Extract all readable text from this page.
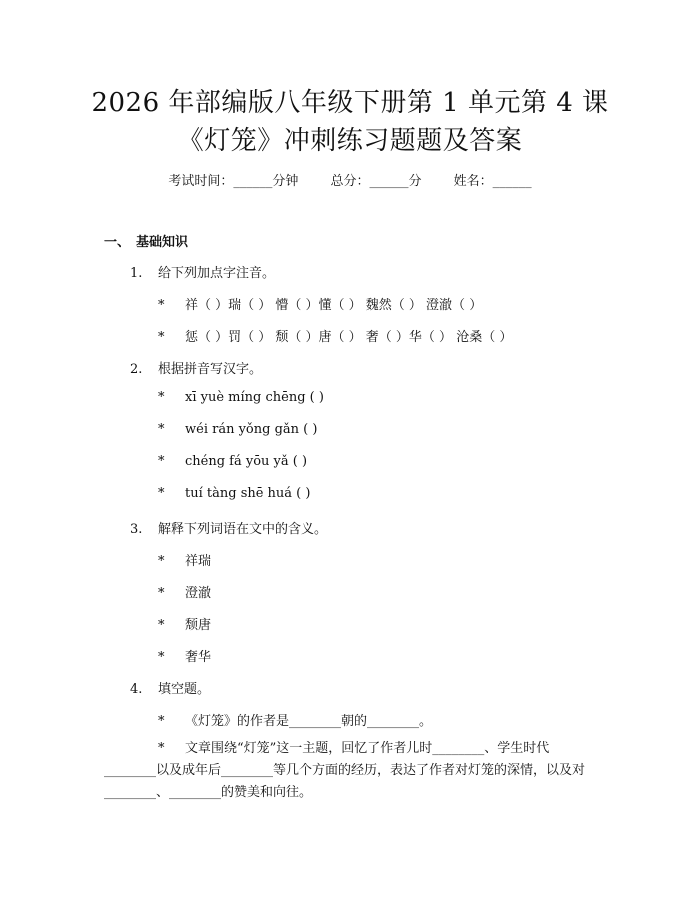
2026 年部编版八年级下册第 1 单元第 4 课
《灯笼》冲刺练习题题及答案
考试时间：______分钟 总分：______分 姓名：______
一、 基础知识
1. 给下列加点字注音。
* 祥（ ）瑞（ ） 懵（ ）懂（ ） 魏然（ ） 澄澈（ ）
* 惩（ ）罚（ ） 颓（ ）唐（ ） 奢（ ）华（ ） 沧桑（ ）
2. 根据拼音写汉字。
* xī yuè míng chēng ( )
* wéi rán yǒng gǎn ( )
* chéng fá yōu yǎ ( )
* tuí tàng shē huá ( )
3. 解释下列词语在文中的含义。
* 祥瑞
* 澄澈
* 颓唐
* 奢华
4. 填空题。
* 《灯笼》的作者是________朝的________。
* 文章围绕“灯笼”这一主题，回忆了作者儿时________、学生时代________以及成年后________等几个方面的经历，表达了作者对灯笼的深情，以及对________、________的赞美和向往。
